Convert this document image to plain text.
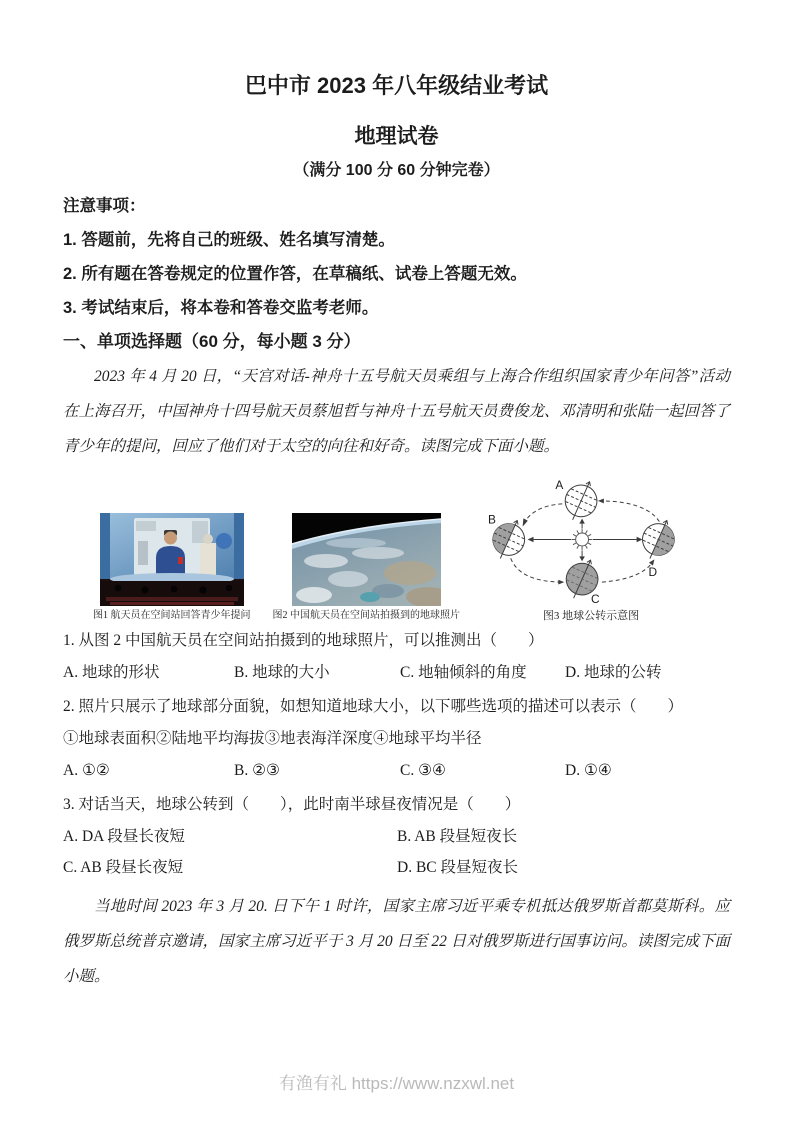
巴中市 2023 年八年级结业考试
地理试卷
（满分 100 分 60 分钟完卷）
注意事项：
1. 答题前，先将自己的班级、姓名填写清楚。
2. 所有题在答卷规定的位置作答，在草稿纸、试卷上答题无效。
3. 考试结束后，将本卷和答卷交监考老师。
一、单项选择题（60 分，每小题 3 分）

2023 年 4 月 20 日，“天宫对话-神舟十五号航天员乘组与上海合作组织国家青少年问答”活动在上海召开，中国神舟十四号航天员蔡旭哲与神舟十五号航天员费俊龙、邓清明和张陆一起回答了青少年的提问，回应了他们对于太空的向往和好奇。读图完成下面小题。

图1 航天员在空间站回答青少年提问 图2 中国航天员在空间站拍摄到的地球照片
A
B
C
D
图3 地球公转示意图
1. 从图 2 中国航天员在空间站拍摄到的地球照片，可以推测出（　　）
A. 地球的形状	B. 地球的大小	C. 地轴倾斜的角度	D. 地球的公转
2. 照片只展示了地球部分面貌，如想知道地球大小，以下哪些选项的描述可以表示（　　）
①地球表面积②陆地平均海拔③地表海洋深度④地球平均半径
A. ①②	B. ②③	C. ③④	D. ①④
3. 对话当天，地球公转到（　　），此时南半球昼夜情况是（　　）
A. DA 段昼长夜短	B. AB 段昼短夜长
C. AB 段昼长夜短	D. BC 段昼短夜长

当地时间 2023 年 3 月 20. 日下午 1 时许，国家主席习近平乘专机抵达俄罗斯首都莫斯科。应俄罗斯总统普京邀请，国家主席习近平于 3 月 20 日至 22 日对俄罗斯进行国事访问。读图完成下面小题。

有渔有礼 https://www.nzxwl.net
